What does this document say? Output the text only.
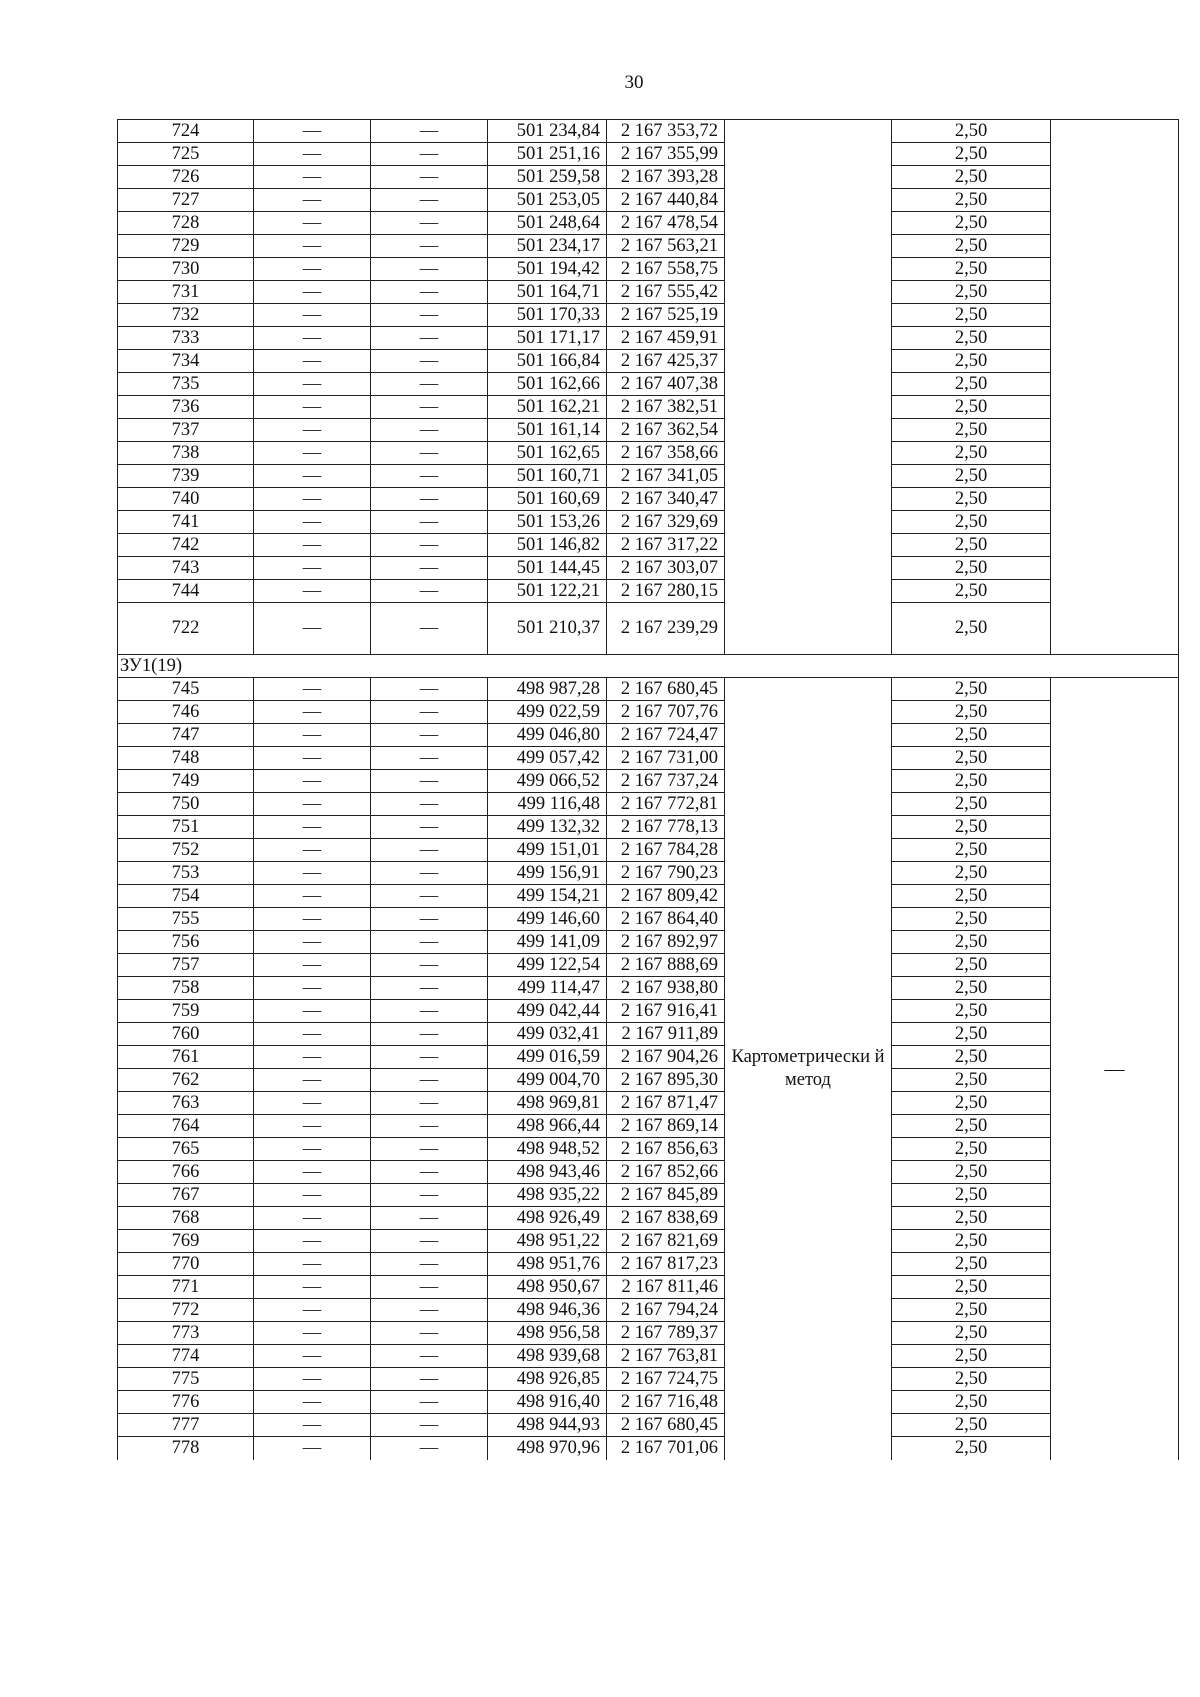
30
724	—	—	501 234,84	2 167 353,72		2,50	
725	—	—	501 251,16	2 167 355,99		2,50	
726	—	—	501 259,58	2 167 393,28		2,50	
727	—	—	501 253,05	2 167 440,84		2,50	
728	—	—	501 248,64	2 167 478,54		2,50	
729	—	—	501 234,17	2 167 563,21		2,50	
730	—	—	501 194,42	2 167 558,75		2,50	
731	—	—	501 164,71	2 167 555,42		2,50	
732	—	—	501 170,33	2 167 525,19		2,50	
733	—	—	501 171,17	2 167 459,91		2,50	
734	—	—	501 166,84	2 167 425,37		2,50	
735	—	—	501 162,66	2 167 407,38		2,50	
736	—	—	501 162,21	2 167 382,51		2,50	
737	—	—	501 161,14	2 167 362,54		2,50	
738	—	—	501 162,65	2 167 358,66		2,50	
739	—	—	501 160,71	2 167 341,05		2,50	
740	—	—	501 160,69	2 167 340,47		2,50	
741	—	—	501 153,26	2 167 329,69		2,50	
742	—	—	501 146,82	2 167 317,22		2,50	
743	—	—	501 144,45	2 167 303,07		2,50	
744	—	—	501 122,21	2 167 280,15		2,50	
722	—	—	501 210,37	2 167 239,29		2,50	
ЗУ1(19)							
745	—	—	498 987,28	2 167 680,45	Картометрически й метод	2,50	—
746	—	—	499 022,59	2 167 707,76		2,50	
747	—	—	499 046,80	2 167 724,47		2,50	
748	—	—	499 057,42	2 167 731,00		2,50	
749	—	—	499 066,52	2 167 737,24		2,50	
750	—	—	499 116,48	2 167 772,81		2,50	
751	—	—	499 132,32	2 167 778,13		2,50	
752	—	—	499 151,01	2 167 784,28		2,50	
753	—	—	499 156,91	2 167 790,23		2,50	
754	—	—	499 154,21	2 167 809,42		2,50	
755	—	—	499 146,60	2 167 864,40		2,50	
756	—	—	499 141,09	2 167 892,97		2,50	
757	—	—	499 122,54	2 167 888,69		2,50	
758	—	—	499 114,47	2 167 938,80		2,50	
759	—	—	499 042,44	2 167 916,41		2,50	
760	—	—	499 032,41	2 167 911,89		2,50	
761	—	—	499 016,59	2 167 904,26		2,50	
762	—	—	499 004,70	2 167 895,30		2,50	
763	—	—	498 969,81	2 167 871,47		2,50	
764	—	—	498 966,44	2 167 869,14		2,50	
765	—	—	498 948,52	2 167 856,63		2,50	
766	—	—	498 943,46	2 167 852,66		2,50	
767	—	—	498 935,22	2 167 845,89		2,50	
768	—	—	498 926,49	2 167 838,69		2,50	
769	—	—	498 951,22	2 167 821,69		2,50	
770	—	—	498 951,76	2 167 817,23		2,50	
771	—	—	498 950,67	2 167 811,46		2,50	
772	—	—	498 946,36	2 167 794,24		2,50	
773	—	—	498 956,58	2 167 789,37		2,50	
774	—	—	498 939,68	2 167 763,81		2,50	
775	—	—	498 926,85	2 167 724,75		2,50	
776	—	—	498 916,40	2 167 716,48		2,50	
777	—	—	498 944,93	2 167 680,45		2,50	
778	—	—	498 970,96	2 167 701,06		2,50	
